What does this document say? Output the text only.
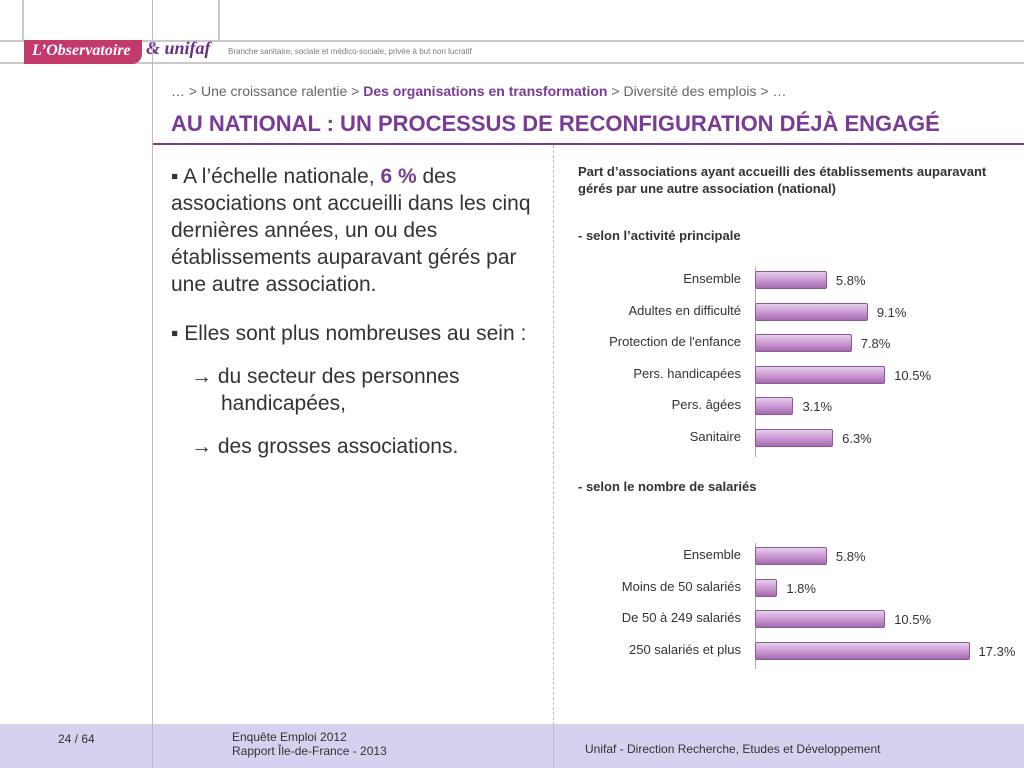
L’Observatoire & unifaf Branche sanitaire, sociale et médico-sociale, privée à but non lucratif
… > Une croissance ralentie > Des organisations en transformation > Diversité des emplois > …
AU NATIONAL : UN PROCESSUS DE RECONFIGURATION DÉJÀ ENGAGÉ

▪ A l’échelle nationale, 6 % des associations ont accueilli dans les cinq dernières années, un ou des établissements auparavant gérés par une autre association.

▪ Elles sont plus nombreuses au sein :

→ du secteur des personnes handicapées,

→ des grosses associations.

Part d’associations ayant accueilli des établissements auparavant gérés par une autre association (national)
- selon l’activité principale
- selon le nombre de salariés
Ensemble	5.8%
Adultes en difficulté	9.1%
Protection de l'enfance	7.8%
Pers. handicapées	10.5%
Pers. âgées	3.1%
Sanitaire	6.3%
Ensemble	5.8%
Moins de 50 salariés	1.8%
De 50 à 249 salariés	10.5%
250 salariés et plus	17.3%
24 / 64	Enquête Emploi 2012
Rapport Île-de-France - 2013	Unifaf - Direction Recherche, Etudes et Développement
